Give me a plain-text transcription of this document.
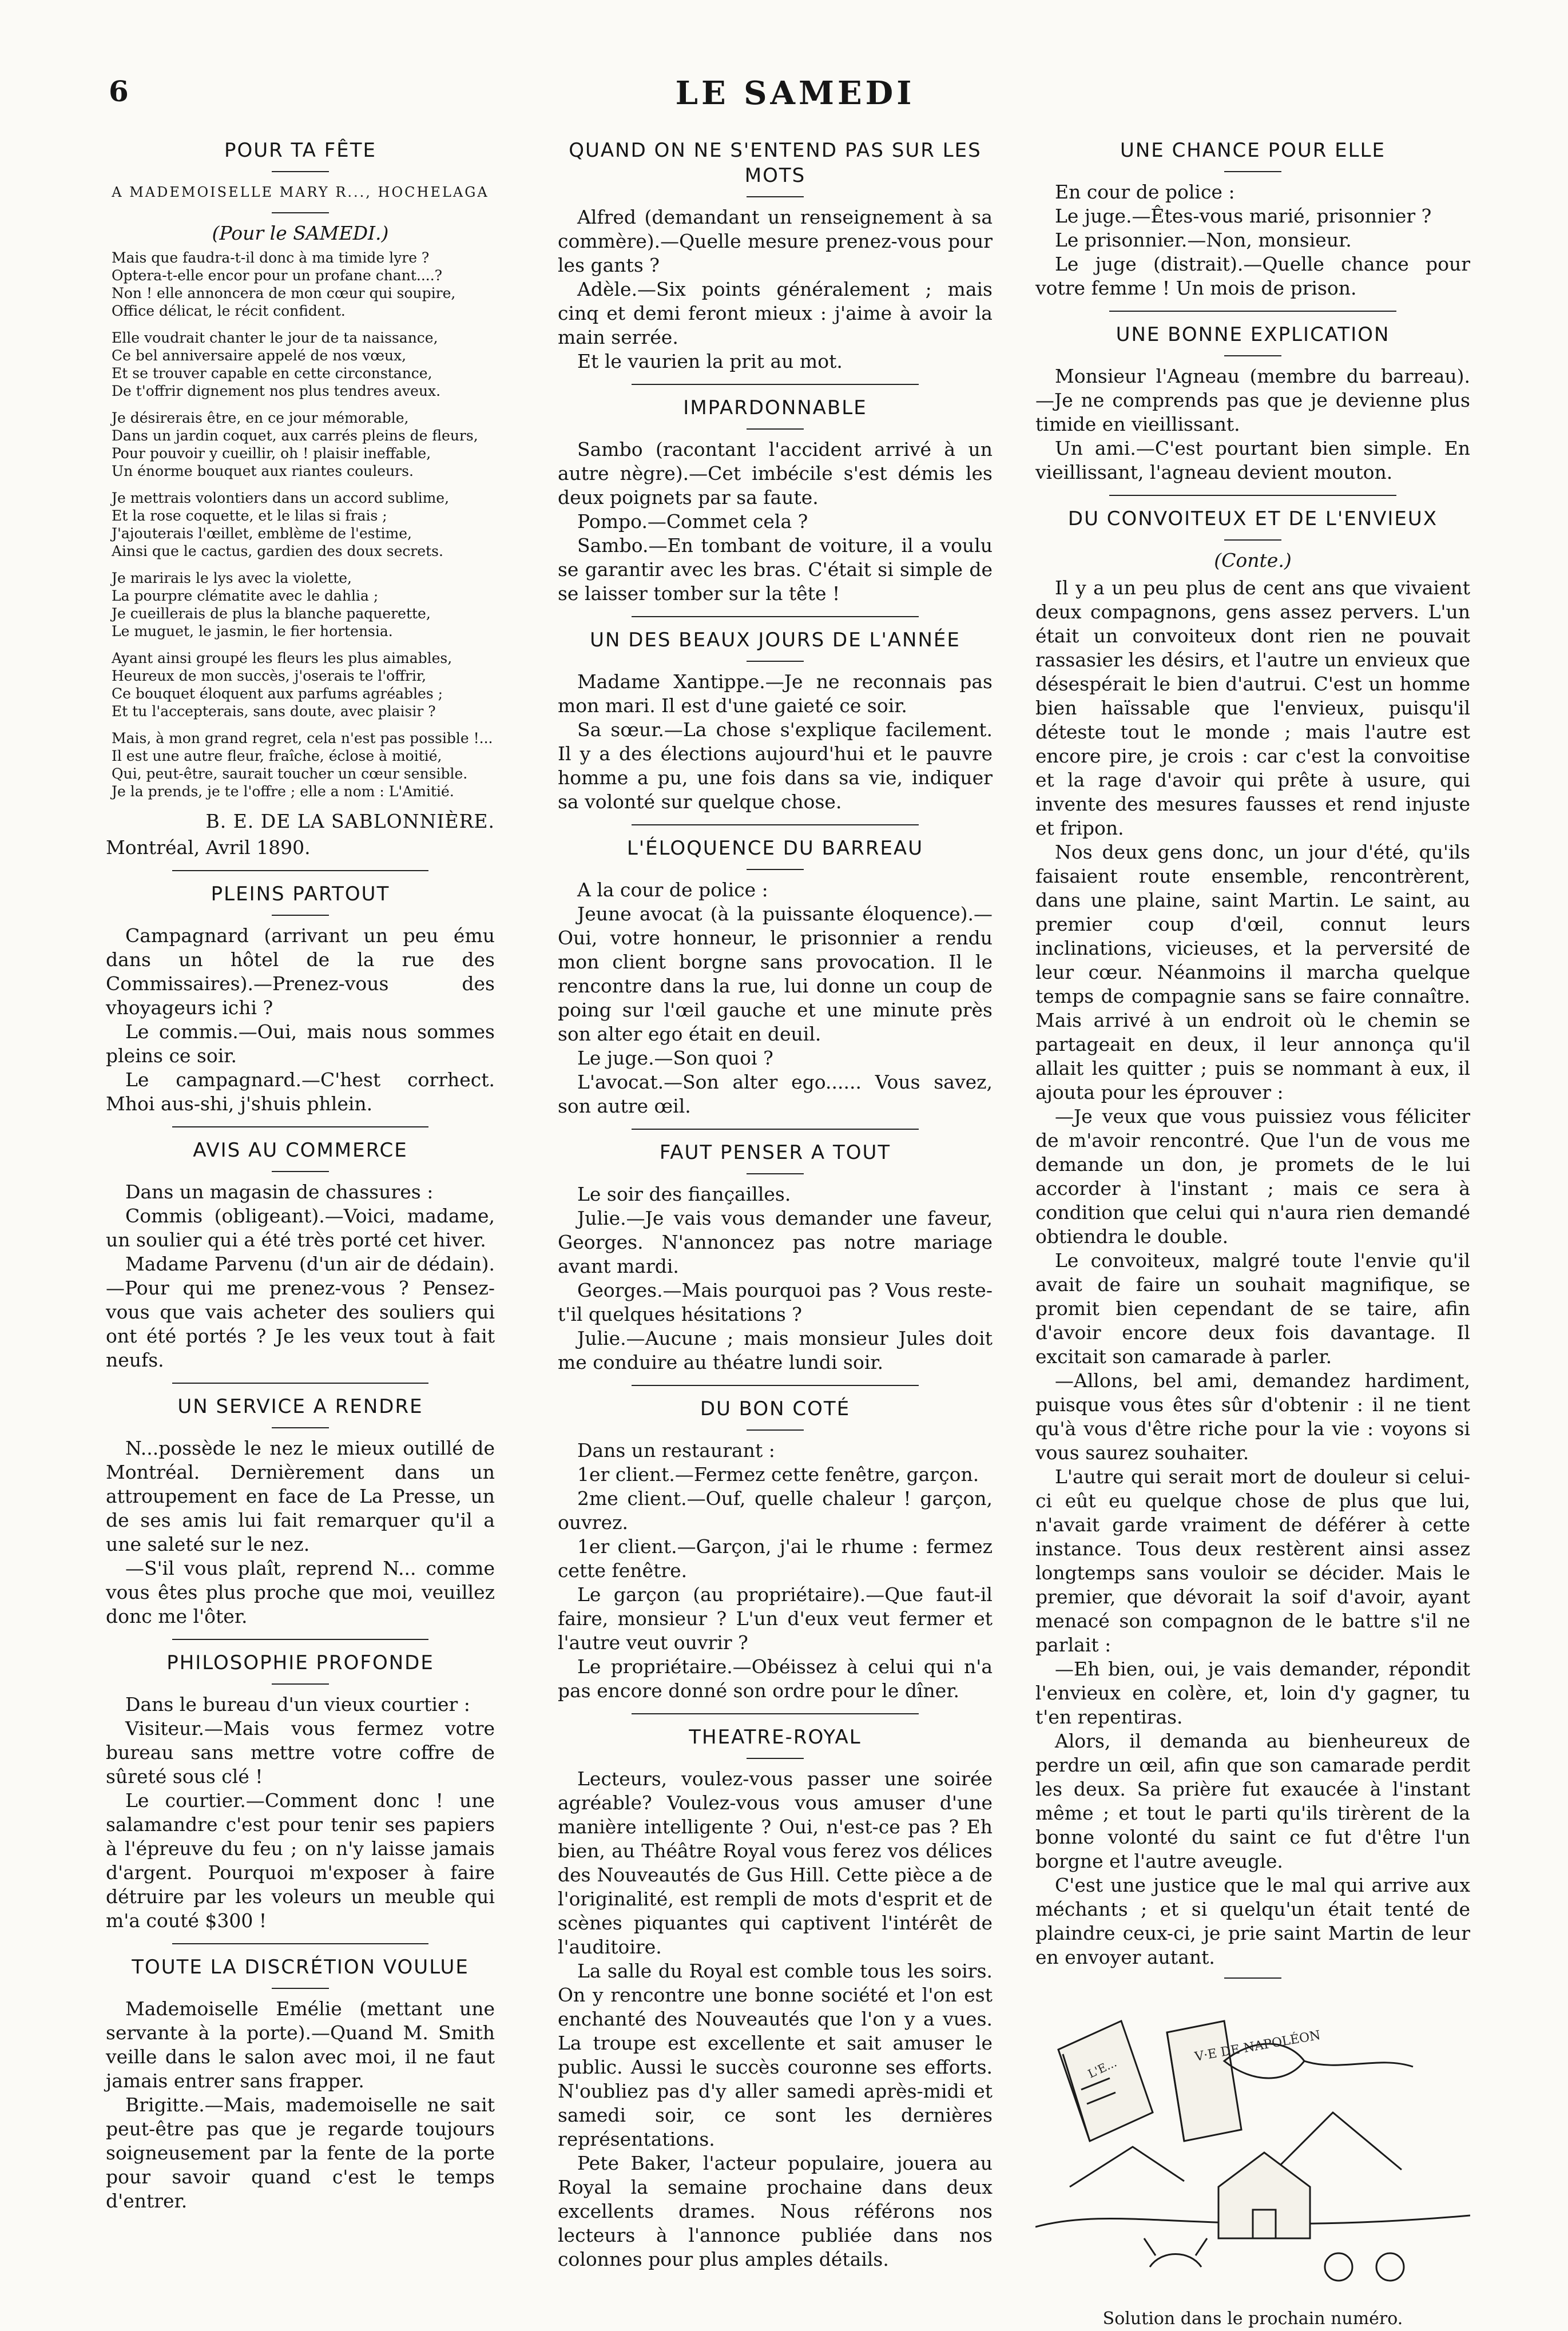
6	LE SAMEDI
POUR TA FÊTE
A MADEMOISELLE MARY R..., HOCHELAGA
(Pour le SAMEDI.)
Mais que faudra-t-il donc à ma timide lyre ?
Optera-t-elle encor pour un profane chant....?
Non ! elle annoncera de mon cœur qui soupire,
Office délicat, le récit confident.
Elle voudrait chanter le jour de ta naissance,
Ce bel anniversaire appelé de nos vœux,
Et se trouver capable en cette circonstance,
De t'offrir dignement nos plus tendres aveux.
Je désirerais être, en ce jour mémorable,
Dans un jardin coquet, aux carrés pleins de fleurs,
Pour pouvoir y cueillir, oh ! plaisir ineffable,
Un énorme bouquet aux riantes couleurs.
Je mettrais volontiers dans un accord sublime,
Et la rose coquette, et le lilas si frais ;
J'ajouterais l'œillet, emblème de l'estime,
Ainsi que le cactus, gardien des doux secrets.
Je marirais le lys avec la violette,
La pourpre clématite avec le dahlia ;
Je cueillerais de plus la blanche paquerette,
Le muguet, le jasmin, le fier hortensia.
Ayant ainsi groupé les fleurs les plus aimables,
Heureux de mon succès, j'oserais te l'offrir,
Ce bouquet éloquent aux parfums agréables ;
Et tu l'accepterais, sans doute, avec plaisir ?
Mais, à mon grand regret, cela n'est pas possible !...
Il est une autre fleur, fraîche, éclose à moitié,
Qui, peut-être, saurait toucher un cœur sensible.
Je la prends, je te l'offre ; elle a nom : L'Amitié.
B. E. DE LA SABLONNIÈRE.
Montréal, Avril 1890.
PLEINS PARTOUT

Campagnard (arrivant un peu ému dans un hôtel de la rue des Commissaires).—Prenez-vous des vhoyageurs ichi ?

Le commis.—Oui, mais nous sommes pleins ce soir.

Le campagnard.—C'hest corrhect. Mhoi aus-shi, j'shuis phlein.

AVIS AU COMMERCE

Dans un magasin de chassures :

Commis (obligeant).—Voici, madame, un soulier qui a été très porté cet hiver.

Madame Parvenu (d'un air de dédain).—Pour qui me prenez-vous ? Pensez-vous que vais acheter des souliers qui ont été portés ? Je les veux tout à fait neufs.

UN SERVICE A RENDRE

N...possède le nez le mieux outillé de Montréal. Dernièrement dans un attroupement en face de La Presse, un de ses amis lui fait remarquer qu'il a une saleté sur le nez.

—S'il vous plaît, reprend N... comme vous êtes plus proche que moi, veuillez donc me l'ôter.

PHILOSOPHIE PROFONDE

Dans le bureau d'un vieux courtier :

Visiteur.—Mais vous fermez votre bureau sans mettre votre coffre de sûreté sous clé !

Le courtier.—Comment donc ! une salamandre c'est pour tenir ses papiers à l'épreuve du feu ; on n'y laisse jamais d'argent. Pourquoi m'exposer à faire détruire par les voleurs un meuble qui m'a couté $300 !

TOUTE LA DISCRÉTION VOULUE

Mademoiselle Emélie (mettant une servante à la porte).—Quand M. Smith veille dans le salon avec moi, il ne faut jamais entrer sans frapper.

Brigitte.—Mais, mademoiselle ne sait peut-être pas que je regarde toujours soigneusement par la fente de la porte pour savoir quand c'est le temps d'entrer.

QUAND ON NE S'ENTEND PAS SUR LES MOTS

Alfred (demandant un renseignement à sa commère).—Quelle mesure prenez-vous pour les gants ?

Adèle.—Six points généralement ; mais cinq et demi feront mieux : j'aime à avoir la main serrée.

Et le vaurien la prit au mot.

IMPARDONNABLE

Sambo (racontant l'accident arrivé à un autre nègre).—Cet imbécile s'est démis les deux poignets par sa faute.

Pompo.—Commet cela ?

Sambo.—En tombant de voiture, il a voulu se garantir avec les bras. C'était si simple de se laisser tomber sur la tête !

UN DES BEAUX JOURS DE L'ANNÉE

Madame Xantippe.—Je ne reconnais pas mon mari. Il est d'une gaieté ce soir.

Sa sœur.—La chose s'explique facilement. Il y a des élections aujourd'hui et le pauvre homme a pu, une fois dans sa vie, indiquer sa volonté sur quelque chose.

L'ÉLOQUENCE DU BARREAU

A la cour de police :

Jeune avocat (à la puissante éloquence).—Oui, votre honneur, le prisonnier a rendu mon client borgne sans provocation. Il le rencontre dans la rue, lui donne un coup de poing sur l'œil gauche et une minute près son alter ego était en deuil.

Le juge.—Son quoi ?

L'avocat.—Son alter ego...... Vous savez, son autre œil.

FAUT PENSER A TOUT

Le soir des fiançailles.

Julie.—Je vais vous demander une faveur, Georges. N'annoncez pas notre mariage avant mardi.

Georges.—Mais pourquoi pas ? Vous reste-t'il quelques hésitations ?

Julie.—Aucune ; mais monsieur Jules doit me conduire au théatre lundi soir.

DU BON COTÉ

Dans un restaurant :

1er client.—Fermez cette fenêtre, garçon.

2me client.—Ouf, quelle chaleur ! garçon, ouvrez.

1er client.—Garçon, j'ai le rhume : fermez cette fenêtre.

Le garçon (au propriétaire).—Que faut-il faire, monsieur ? L'un d'eux veut fermer et l'autre veut ouvrir ?

Le propriétaire.—Obéissez à celui qui n'a pas encore donné son ordre pour le dîner.

THEATRE-ROYAL

Lecteurs, voulez-vous passer une soirée agréable? Voulez-vous vous amuser d'une manière intelligente ? Oui, n'est-ce pas ? Eh bien, au Théâtre Royal vous ferez vos délices des Nouveautés de Gus Hill. Cette pièce a de l'originalité, est rempli de mots d'esprit et de scènes piquantes qui captivent l'intérêt de l'auditoire.

La salle du Royal est comble tous les soirs. On y rencontre une bonne société et l'on est enchanté des Nouveautés que l'on y a vues. La troupe est excellente et sait amuser le public. Aussi le succès couronne ses efforts. N'oubliez pas d'y aller samedi après-midi et samedi soir, ce sont les dernières représentations.

Pete Baker, l'acteur populaire, jouera au Royal la semaine prochaine dans deux excellents drames. Nous référons nos lecteurs à l'annonce publiée dans nos colonnes pour plus amples détails.

UNE CHANCE POUR ELLE

En cour de police :

Le juge.—Êtes-vous marié, prisonnier ?

Le prisonnier.—Non, monsieur.

Le juge (distrait).—Quelle chance pour votre femme ! Un mois de prison.

UNE BONNE EXPLICATION

Monsieur l'Agneau (membre du barreau).—Je ne comprends pas que je devienne plus timide en vieillissant.

Un ami.—C'est pourtant bien simple. En vieillissant, l'agneau devient mouton.

DU CONVOITEUX ET DE L'ENVIEUX
(Conte.)

Il y a un peu plus de cent ans que vivaient deux compagnons, gens assez pervers. L'un était un convoiteux dont rien ne pouvait rassasier les désirs, et l'autre un envieux que désespérait le bien d'autrui. C'est un homme bien haïssable que l'envieux, puisqu'il déteste tout le monde ; mais l'autre est encore pire, je crois : car c'est la convoitise et la rage d'avoir qui prête à usure, qui invente des mesures fausses et rend injuste et fripon.

Nos deux gens donc, un jour d'été, qu'ils faisaient route ensemble, rencontrèrent, dans une plaine, saint Martin. Le saint, au premier coup d'œil, connut leurs inclinations, vicieuses, et la perversité de leur cœur. Néanmoins il marcha quelque temps de compagnie sans se faire connaître. Mais arrivé à un endroit où le chemin se partageait en deux, il leur annonça qu'il allait les quitter ; puis se nommant à eux, il ajouta pour les éprouver :

—Je veux que vous puissiez vous féliciter de m'avoir rencontré. Que l'un de vous me demande un don, je promets de le lui accorder à l'instant ; mais ce sera à condition que celui qui n'aura rien demandé obtiendra le double.

Le convoiteux, malgré toute l'envie qu'il avait de faire un souhait magnifique, se promit bien cependant de se taire, afin d'avoir encore deux fois davantage. Il excitait son camarade à parler.

—Allons, bel ami, demandez hardiment, puisque vous êtes sûr d'obtenir : il ne tient qu'à vous d'être riche pour la vie : voyons si vous saurez souhaiter.

L'autre qui serait mort de douleur si celui-ci eût eu quelque chose de plus que lui, n'avait garde vraiment de déférer à cette instance. Tous deux restèrent ainsi assez longtemps sans vouloir se décider. Mais le premier, que dévorait la soif d'avoir, ayant menacé son compagnon de le battre s'il ne parlait :

—Eh bien, oui, je vais demander, répondit l'envieux en colère, et, loin d'y gagner, tu t'en repentiras.

Alors, il demanda au bienheureux de perdre un œil, afin que son camarade perdit les deux. Sa prière fut exaucée à l'instant même ; et tout le parti qu'ils tirèrent de la bonne volonté du saint ce fut d'être l'un borgne et l'autre aveugle.

C'est une justice que le mal qui arrive aux méchants ; et si quelqu'un était tenté de plaindre ceux-ci, je prie saint Martin de leur en envoyer autant.

L'E...
V·E DE NAPOLÉON
Solution dans le prochain numéro.
